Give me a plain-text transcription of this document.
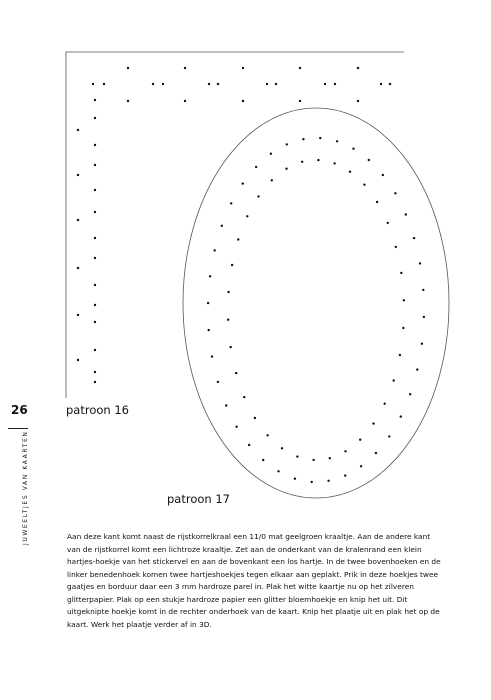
26	patroon 16
patroon 17
JUWEELTJES VAN KAARTEN	Aan deze kant komt naast de rijstkorrelkraal een 11/0 mat geelgroen kraaltje. Aan de andere kant van de rijstkorrel komt een lichtroze kraaltje. Zet aan de onderkant van de kralenrand een klein hartjes-hoekje van het stickervel en aan de bovenkant een los hartje. In de twee bovenhoeken en de linker benedenhoek komen twee hartjeshoekjes tegen elkaar aan geplakt. Prik in deze hoekjes twee gaatjes en borduur daar een 3 mm hardroze parel in. Plak het witte kaartje nu op het zilveren glitterpapier. Plak op een stukje hardroze papier een glitter bloemhoekje en knip het uit. Dit uitgeknipte hoekje komt in de rechter onderhoek van de kaart. Knip het plaatje uit en plak het op de kaart. Werk het plaatje verder af in 3D.
